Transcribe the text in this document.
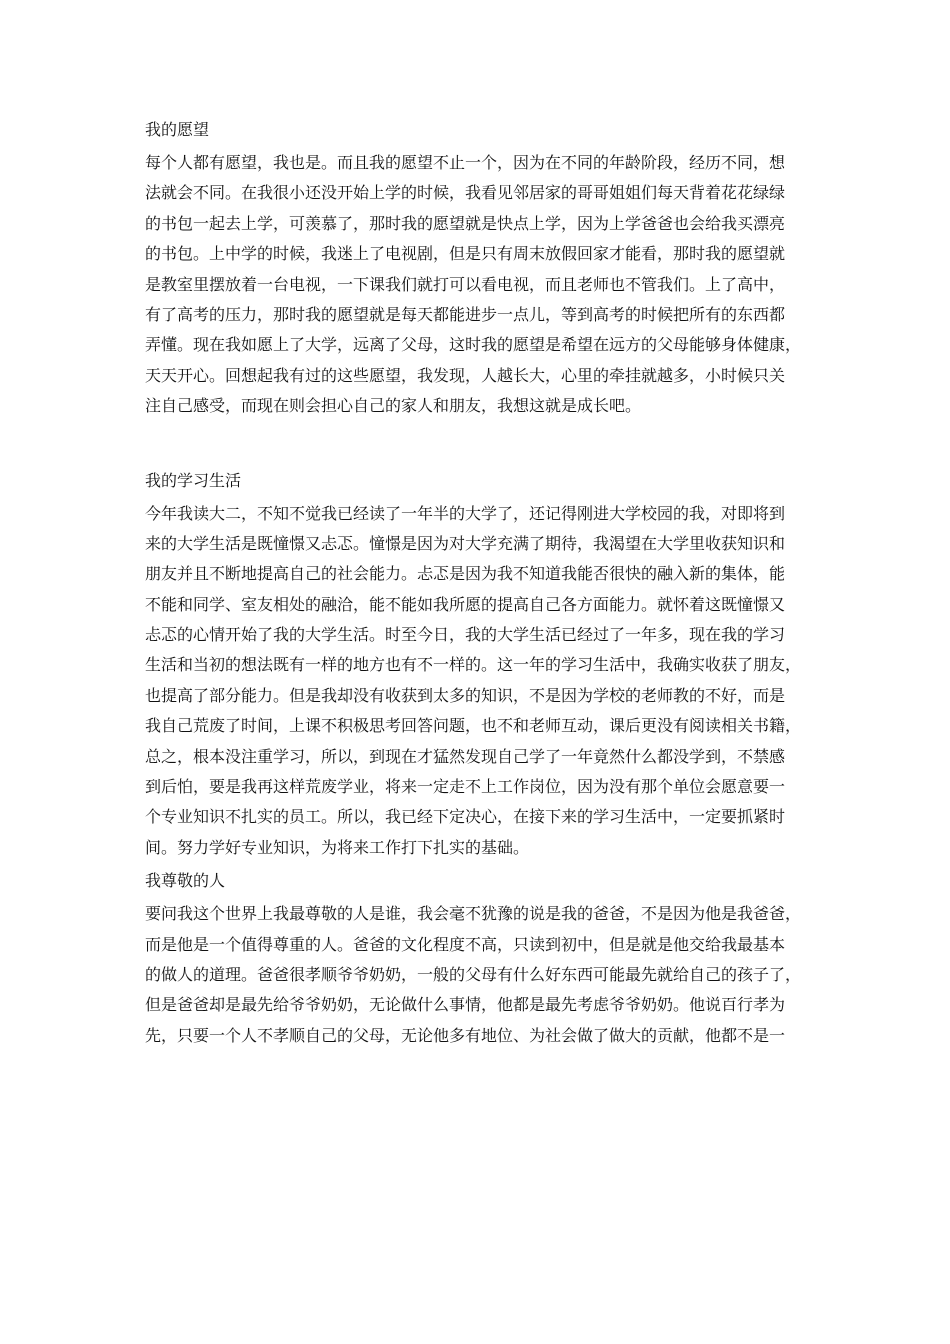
我的愿望

每个人都有愿望，我也是。而且我的愿望不止一个，因为在不同的年龄阶段，经历不同，想

法就会不同。在我很小还没开始上学的时候，我看见邻居家的哥哥姐姐们每天背着花花绿绿

的书包一起去上学，可羡慕了，那时我的愿望就是快点上学，因为上学爸爸也会给我买漂亮

的书包。上中学的时候，我迷上了电视剧，但是只有周末放假回家才能看，那时我的愿望就

是教室里摆放着一台电视，一下课我们就打可以看电视，而且老师也不管我们。上了高中，

有了高考的压力，那时我的愿望就是每天都能进步一点儿，等到高考的时候把所有的东西都

弄懂。现在我如愿上了大学，远离了父母，这时我的愿望是希望在远方的父母能够身体健康，

天天开心。回想起我有过的这些愿望，我发现，人越长大，心里的牵挂就越多，小时候只关

注自己感受，而现在则会担心自己的家人和朋友，我想这就是成长吧。

我的学习生活

今年我读大二，不知不觉我已经读了一年半的大学了，还记得刚进大学校园的我，对即将到

来的大学生活是既憧憬又忐忑。憧憬是因为对大学充满了期待，我渴望在大学里收获知识和

朋友并且不断地提高自己的社会能力。忐忑是因为我不知道我能否很快的融入新的集体，能

不能和同学、室友相处的融洽，能不能如我所愿的提高自己各方面能力。就怀着这既憧憬又

忐忑的心情开始了我的大学生活。时至今日，我的大学生活已经过了一年多，现在我的学习

生活和当初的想法既有一样的地方也有不一样的。这一年的学习生活中，我确实收获了朋友，

也提高了部分能力。但是我却没有收获到太多的知识，不是因为学校的老师教的不好，而是

我自己荒废了时间，上课不积极思考回答问题，也不和老师互动，课后更没有阅读相关书籍，

总之，根本没注重学习，所以，到现在才猛然发现自己学了一年竟然什么都没学到，不禁感

到后怕，要是我再这样荒废学业，将来一定走不上工作岗位，因为没有那个单位会愿意要一

个专业知识不扎实的员工。所以，我已经下定决心，在接下来的学习生活中，一定要抓紧时

间。努力学好专业知识，为将来工作打下扎实的基础。

我尊敬的人

要问我这个世界上我最尊敬的人是谁，我会毫不犹豫的说是我的爸爸，不是因为他是我爸爸，

而是他是一个值得尊重的人。爸爸的文化程度不高，只读到初中，但是就是他交给我最基本

的做人的道理。爸爸很孝顺爷爷奶奶，一般的父母有什么好东西可能最先就给自己的孩子了，

但是爸爸却是最先给爷爷奶奶，无论做什么事情，他都是最先考虑爷爷奶奶。他说百行孝为

先，只要一个人不孝顺自己的父母，无论他多有地位、为社会做了做大的贡献，他都不是一
